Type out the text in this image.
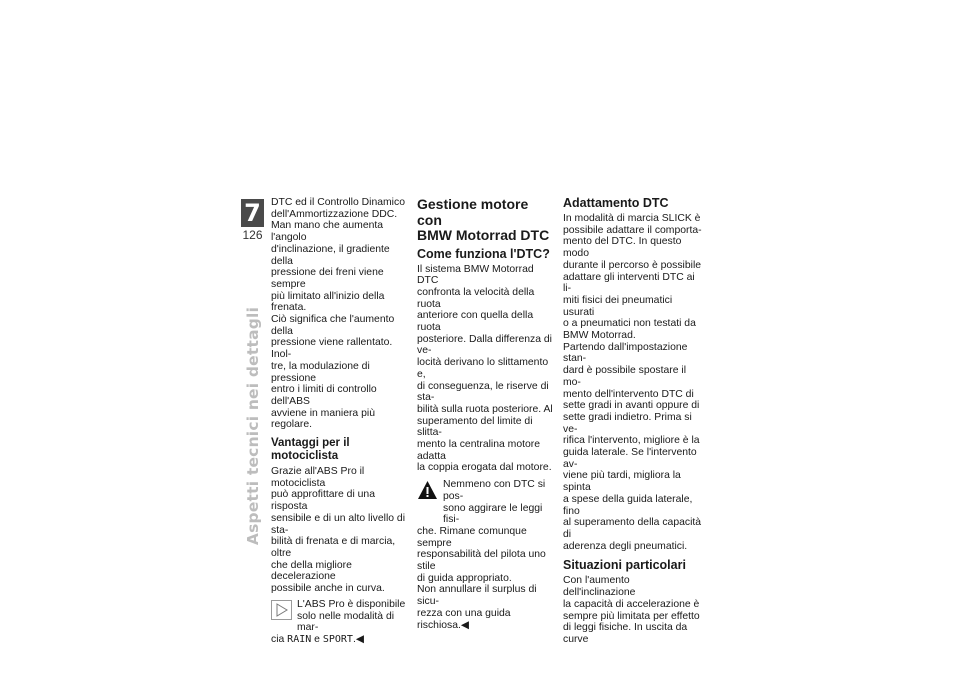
7
126
Aspetti tecnici nei dettagli

DTC ed il Controllo Dinamico
dell'Ammortizzazione DDC.
Man mano che aumenta l'angolo
d'inclinazione, il gradiente della
pressione dei freni viene sempre
più limitato all'inizio della frenata.
Ciò significa che l'aumento della
pressione viene rallentato. Inol-
tre, la modulazione di pressione
entro i limiti di controllo dell'ABS
avviene in maniera più regolare.

Vantaggi per il motociclista

Grazie all'ABS Pro il motociclista
può approfittare di una risposta
sensibile e di un alto livello di sta-
bilità di frenata e di marcia, oltre
che della migliore decelerazione
possibile anche in curva.

L'ABS Pro è disponibile
solo nelle modalità di mar-

cia RAIN e SPORT.◀

Gestione motore con
BMW Motorrad DTC
Come funziona l'DTC?

Il sistema BMW Motorrad DTC
confronta la velocità della ruota
anteriore con quella della ruota
posteriore. Dalla differenza di ve-
locità derivano lo slittamento e,
di conseguenza, le riserve di sta-
bilità sulla ruota posteriore. Al
superamento del limite di slitta-
mento la centralina motore adatta
la coppia erogata dal motore.

Nemmeno con DTC si pos-
sono aggirare le leggi fisi-

che. Rimane comunque sempre
responsabilità del pilota uno stile
di guida appropriato.
Non annullare il surplus di sicu-
rezza con una guida rischiosa.◀

Adattamento DTC

In modalità di marcia SLICK è
possibile adattare il comporta-
mento del DTC. In questo modo
durante il percorso è possibile
adattare gli interventi DTC ai li-
miti fisici dei pneumatici usurati
o a pneumatici non testati da
BMW Motorrad.
Partendo dall'impostazione stan-
dard è possibile spostare il mo-
mento dell'intervento DTC di
sette gradi in avanti oppure di
sette gradi indietro. Prima si ve-
rifica l'intervento, migliore è la
guida laterale. Se l'intervento av-
viene più tardi, migliora la spinta
a spese della guida laterale, fino
al superamento della capacità di
aderenza degli pneumatici.

Situazioni particolari

Con l'aumento dell'inclinazione
la capacità di accelerazione è
sempre più limitata per effetto
di leggi fisiche. In uscita da curve
